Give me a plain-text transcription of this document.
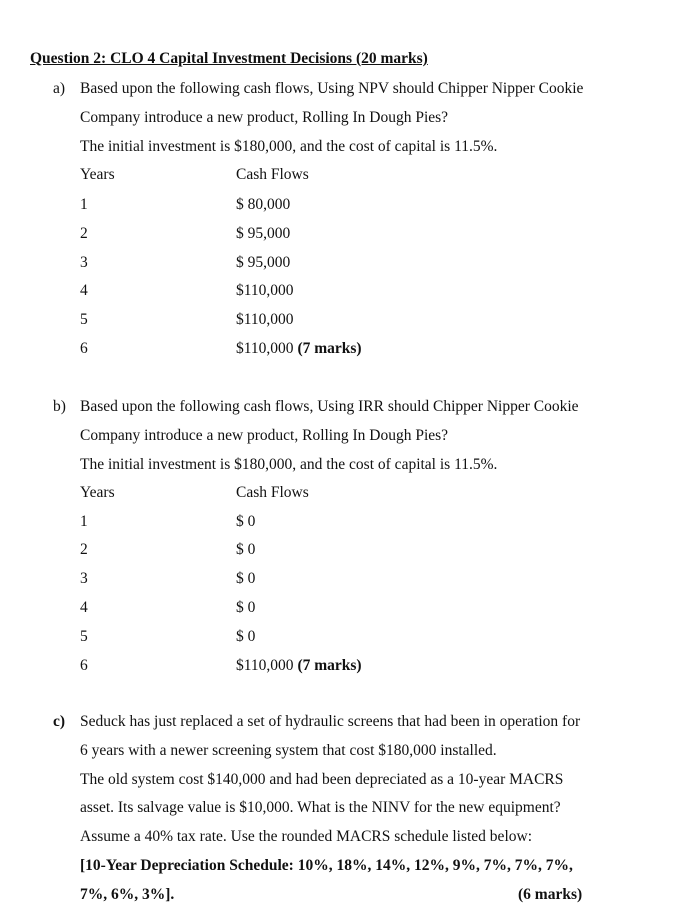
Question 2: CLO 4 Capital Investment Decisions (20 marks)
a) Based upon the following cash flows, Using NPV should Chipper Nipper Cookie
Company introduce a new product, Rolling In Dough Pies?
The initial investment is $180,000, and the cost of capital is 11.5%.
Years	Cash Flows
1	$ 80,000
2	$ 95,000
3	$ 95,000
4	$110,000
5	$110,000
6	$110,000 (7 marks)
b) Based upon the following cash flows, Using IRR should Chipper Nipper Cookie
Company introduce a new product, Rolling In Dough Pies?
The initial investment is $180,000, and the cost of capital is 11.5%.
Years	Cash Flows
1	$ 0
2	$ 0
3	$ 0
4	$ 0
5	$ 0
6	$110,000 (7 marks)
c) Seduck has just replaced a set of hydraulic screens that had been in operation for
6 years with a newer screening system that cost $180,000 installed.
The old system cost $140,000 and had been depreciated as a 10-year MACRS
asset. Its salvage value is $10,000. What is the NINV for the new equipment?
Assume a 40% tax rate. Use the rounded MACRS schedule listed below:
[10-Year Depreciation Schedule: 10%, 18%, 14%, 12%, 9%, 7%, 7%, 7%,
7%, 6%, 3%].	(6 marks)
